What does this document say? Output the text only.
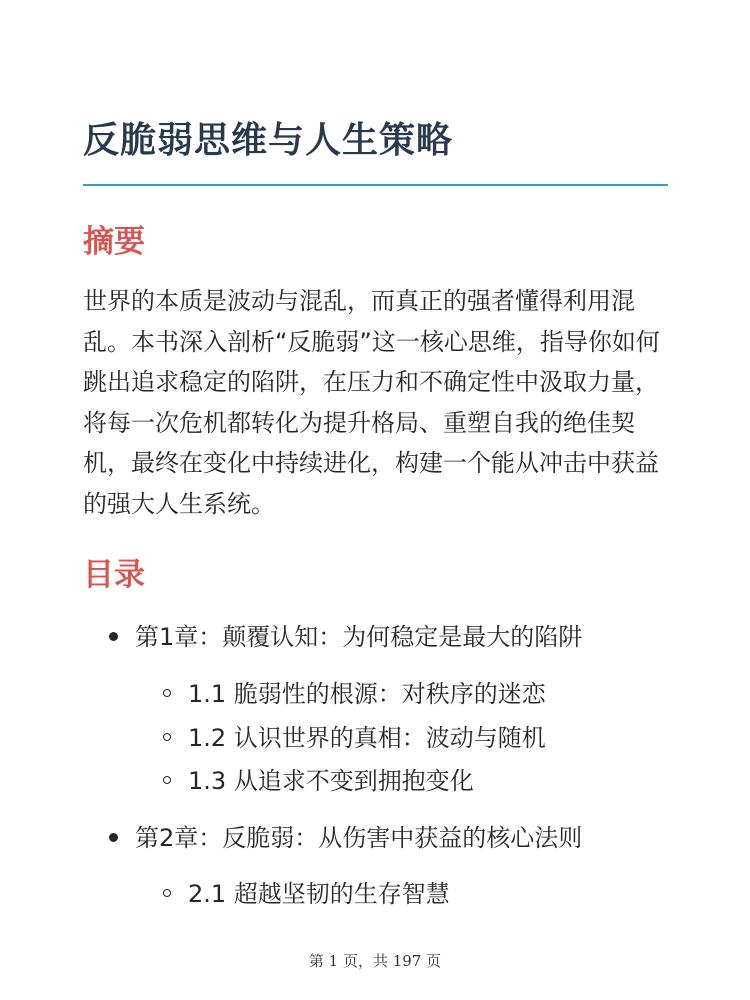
反脆弱思维与人生策略
摘要

世界的本质是波动与混乱，而真正的强者懂得利用混乱。本书深入剖析“反脆弱”这一核心思维，指导你如何跳出追求稳定的陷阱，在压力和不确定性中汲取力量，将每一次危机都转化为提升格局、重塑自我的绝佳契机，最终在变化中持续进化，构建一个能从冲击中获益的强大人生系统。

目录
第1章：颠覆认知：为何稳定是最大的陷阱
1.1 脆弱性的根源：对秩序的迷恋
1.2 认识世界的真相：波动与随机
1.3 从追求不变到拥抱变化
第2章：反脆弱：从伤害中获益的核心法则
2.1 超越坚韧的生存智慧
第 1 页，共 197 页
